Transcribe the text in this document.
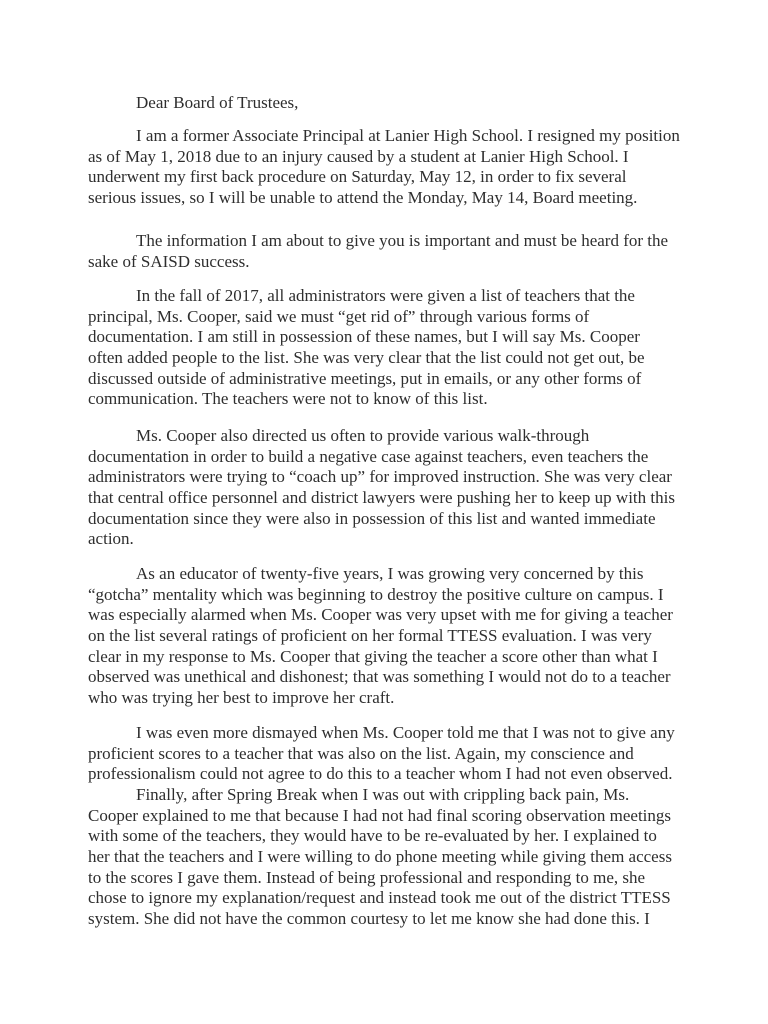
Dear Board of Trustees,
I am a former Associate Principal at Lanier High School. I resigned my position
as of May 1, 2018 due to an injury caused by a student at Lanier High School. I
underwent my first back procedure on Saturday, May 12, in order to fix several
serious issues, so I will be unable to attend the Monday, May 14, Board meeting.
The information I am about to give you is important and must be heard for the
sake of SAISD success.
In the fall of 2017, all administrators were given a list of teachers that the
principal, Ms. Cooper, said we must “get rid of” through various forms of
documentation. I am still in possession of these names, but I will say Ms. Cooper
often added people to the list. She was very clear that the list could not get out, be
discussed outside of administrative meetings, put in emails, or any other forms of
communication. The teachers were not to know of this list.
Ms. Cooper also directed us often to provide various walk-through
documentation in order to build a negative case against teachers, even teachers the
administrators were trying to “coach up” for improved instruction. She was very clear
that central office personnel and district lawyers were pushing her to keep up with this
documentation since they were also in possession of this list and wanted immediate
action.
As an educator of twenty-five years, I was growing very concerned by this
“gotcha” mentality which was beginning to destroy the positive culture on campus. I
was especially alarmed when Ms. Cooper was very upset with me for giving a teacher
on the list several ratings of proficient on her formal TTESS evaluation. I was very
clear in my response to Ms. Cooper that giving the teacher a score other than what I
observed was unethical and dishonest; that was something I would not do to a teacher
who was trying her best to improve her craft.
I was even more dismayed when Ms. Cooper told me that I was not to give any
proficient scores to a teacher that was also on the list. Again, my conscience and
professionalism could not agree to do this to a teacher whom I had not even observed.
Finally, after Spring Break when I was out with crippling back pain, Ms.
Cooper explained to me that because I had not had final scoring observation meetings
with some of the teachers, they would have to be re-evaluated by her. I explained to
her that the teachers and I were willing to do phone meeting while giving them access
to the scores I gave them. Instead of being professional and responding to me, she
chose to ignore my explanation/request and instead took me out of the district TTESS
system. She did not have the common courtesy to let me know she had done this. I
